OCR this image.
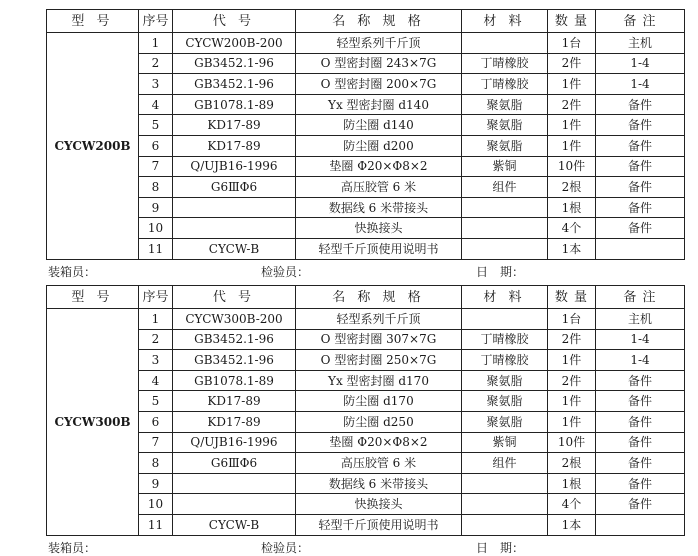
型 号	序号	代 号	名 称 规 格	材 料	数 量	备 注
CYCW200B	1	CYCW200B-200	轻型系列千斤顶		1台	主机
	2	GB3452.1-96	O 型密封圈 243×7G	丁晴橡胶	2件	1-4
	3	GB3452.1-96	O 型密封圈 200×7G	丁晴橡胶	1件	1-4
	4	GB1078.1-89	Yx 型密封圈 d140	聚氨脂	2件	备件
	5	KD17-89	防尘圈 d140	聚氨脂	1件	备件
	6	KD17-89	防尘圈 d200	聚氨脂	1件	备件
	7	Q/UJB16-1996	垫圈 Φ20×Φ8×2	紫铜	10件	备件
	8	G6ⅢΦ6	高压胶管 6 米	组件	2根	备件
	9		数据线 6 米带接头		1根	备件
	10		快换接头		4个	备件
	11	CYCW-B	轻型千斤顶使用说明书		1本	
装箱员：	检验员：	日　期：
型 号	序号	代 号	名 称 规 格	材 料	数 量	备 注
CYCW300B	1	CYCW300B-200	轻型系列千斤顶		1台	主机
	2	GB3452.1-96	O 型密封圈 307×7G	丁晴橡胶	2件	1-4
	3	GB3452.1-96	O 型密封圈 250×7G	丁晴橡胶	1件	1-4
	4	GB1078.1-89	Yx 型密封圈 d170	聚氨脂	2件	备件
	5	KD17-89	防尘圈 d170	聚氨脂	1件	备件
	6	KD17-89	防尘圈 d250	聚氨脂	1件	备件
	7	Q/UJB16-1996	垫圈 Φ20×Φ8×2	紫铜	10件	备件
	8	G6ⅢΦ6	高压胶管 6 米	组件	2根	备件
	9		数据线 6 米带接头		1根	备件
	10		快换接头		4个	备件
	11	CYCW-B	轻型千斤顶使用说明书		1本	
装箱员：	检验员：	日　期：
